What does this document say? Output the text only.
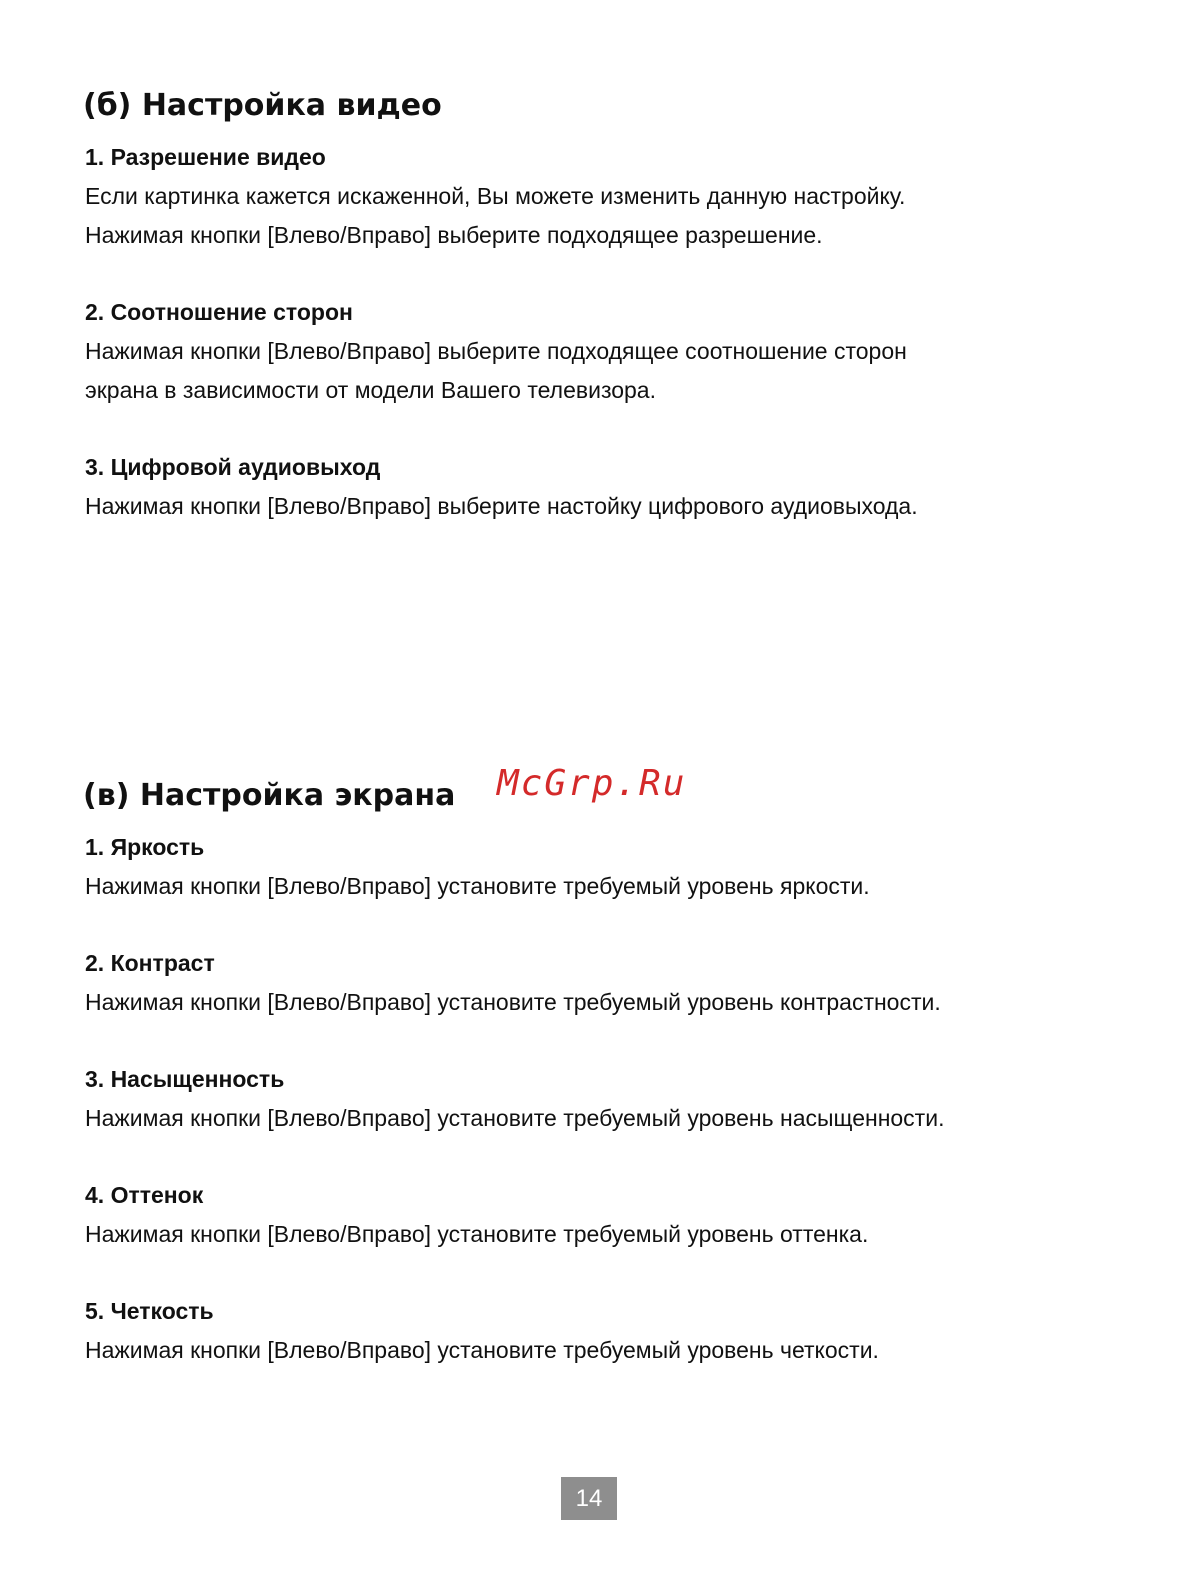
(б) Настройка видео
1. Разрешение видео

Если картинка кажется искаженной, Вы можете изменить данную настройку.

Нажимая кнопки [Влево/Вправо] выберите подходящее разрешение.

2. Соотношение сторон

Нажимая кнопки [Влево/Вправо] выберите подходящее соотношение сторон

экрана в зависимости от модели Вашего телевизора.

3. Цифровой аудиовыход

Нажимая кнопки [Влево/Вправо] выберите настойку цифрового аудиовыхода.

(в) Настройка экрана McGrp.Ru
1. Яркость

Нажимая кнопки [Влево/Вправо] установите требуемый уровень яркости.

2. Контраст

Нажимая кнопки [Влево/Вправо] установите требуемый уровень контрастности.

3. Насыщенность

Нажимая кнопки [Влево/Вправо] установите требуемый уровень насыщенности.

4. Оттенок

Нажимая кнопки [Влево/Вправо] установите требуемый уровень оттенка.

5. Четкость

Нажимая кнопки [Влево/Вправо] установите требуемый уровень четкости.

14
